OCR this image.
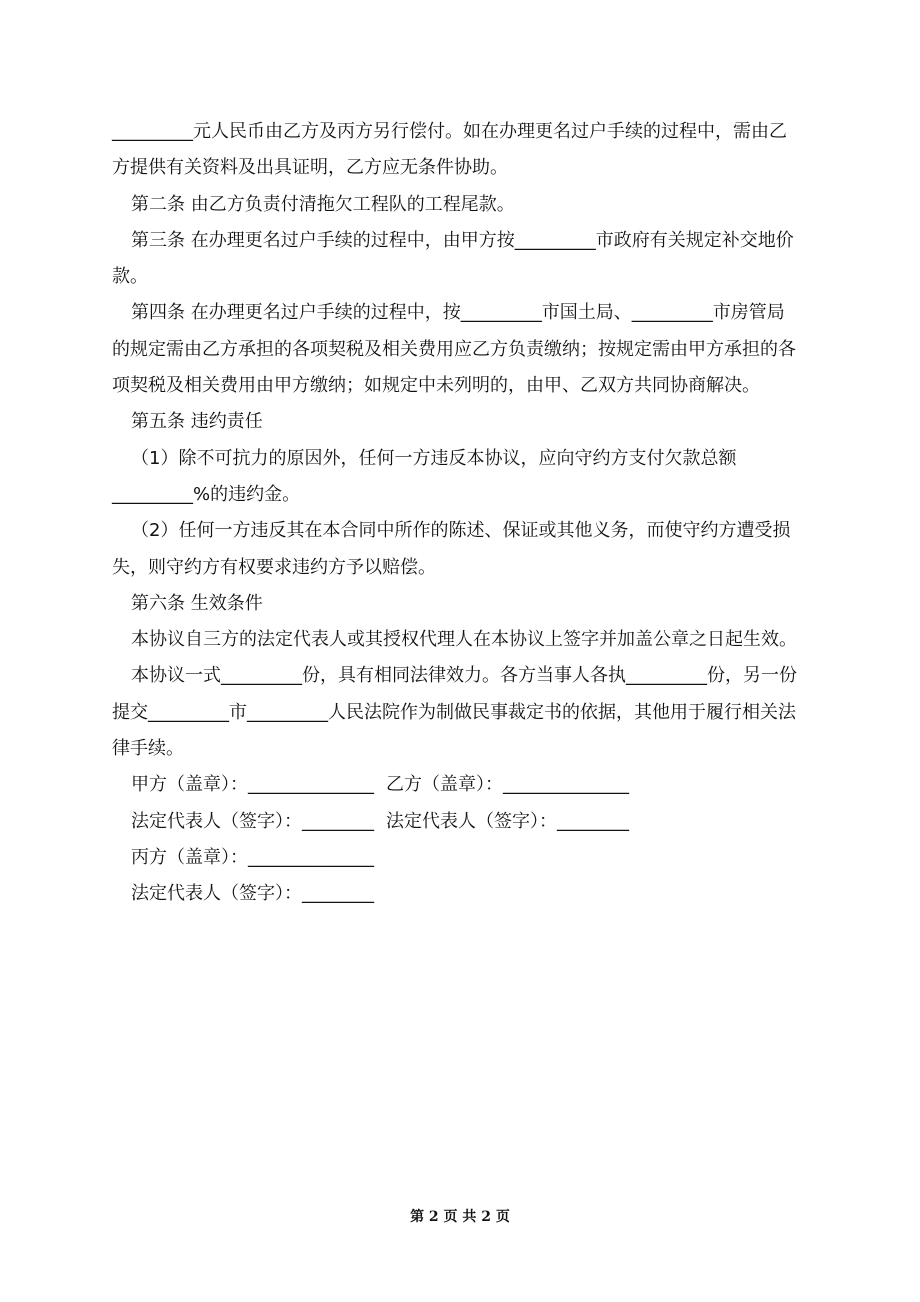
_________元人民币由乙方及丙方另行偿付。如在办理更名过户手续的过程中，需由乙
方提供有关资料及出具证明，乙方应无条件协助。
第二条 由乙方负责付清拖欠工程队的工程尾款。
第三条 在办理更名过户手续的过程中，由甲方按_________市政府有关规定补交地价
款。
第四条 在办理更名过户手续的过程中，按_________市国土局、_________市房管局
的规定需由乙方承担的各项契税及相关费用应乙方负责缴纳；按规定需由甲方承担的各
项契税及相关费用由甲方缴纳；如规定中未列明的，由甲、乙双方共同协商解决。
第五条 违约责任
（1）除不可抗力的原因外，任何一方违反本协议，应向守约方支付欠款总额
_________%的违约金。
（2）任何一方违反其在本合同中所作的陈述、保证或其他义务，而使守约方遭受损
失，则守约方有权要求违约方予以赔偿。
第六条 生效条件
本协议自三方的法定代表人或其授权代理人在本协议上签字并加盖公章之日起生效。
本协议一式_________份，具有相同法律效力。各方当事人各执_________份，另一份
提交_________市_________人民法院作为制做民事裁定书的依据，其他用于履行相关法
律手续。
甲方（盖章）：______________ 乙方（盖章）：______________
法定代表人（签字）：________ 法定代表人（签字）：________
丙方（盖章）：______________
法定代表人（签字）：________
第 2 页 共 2 页
